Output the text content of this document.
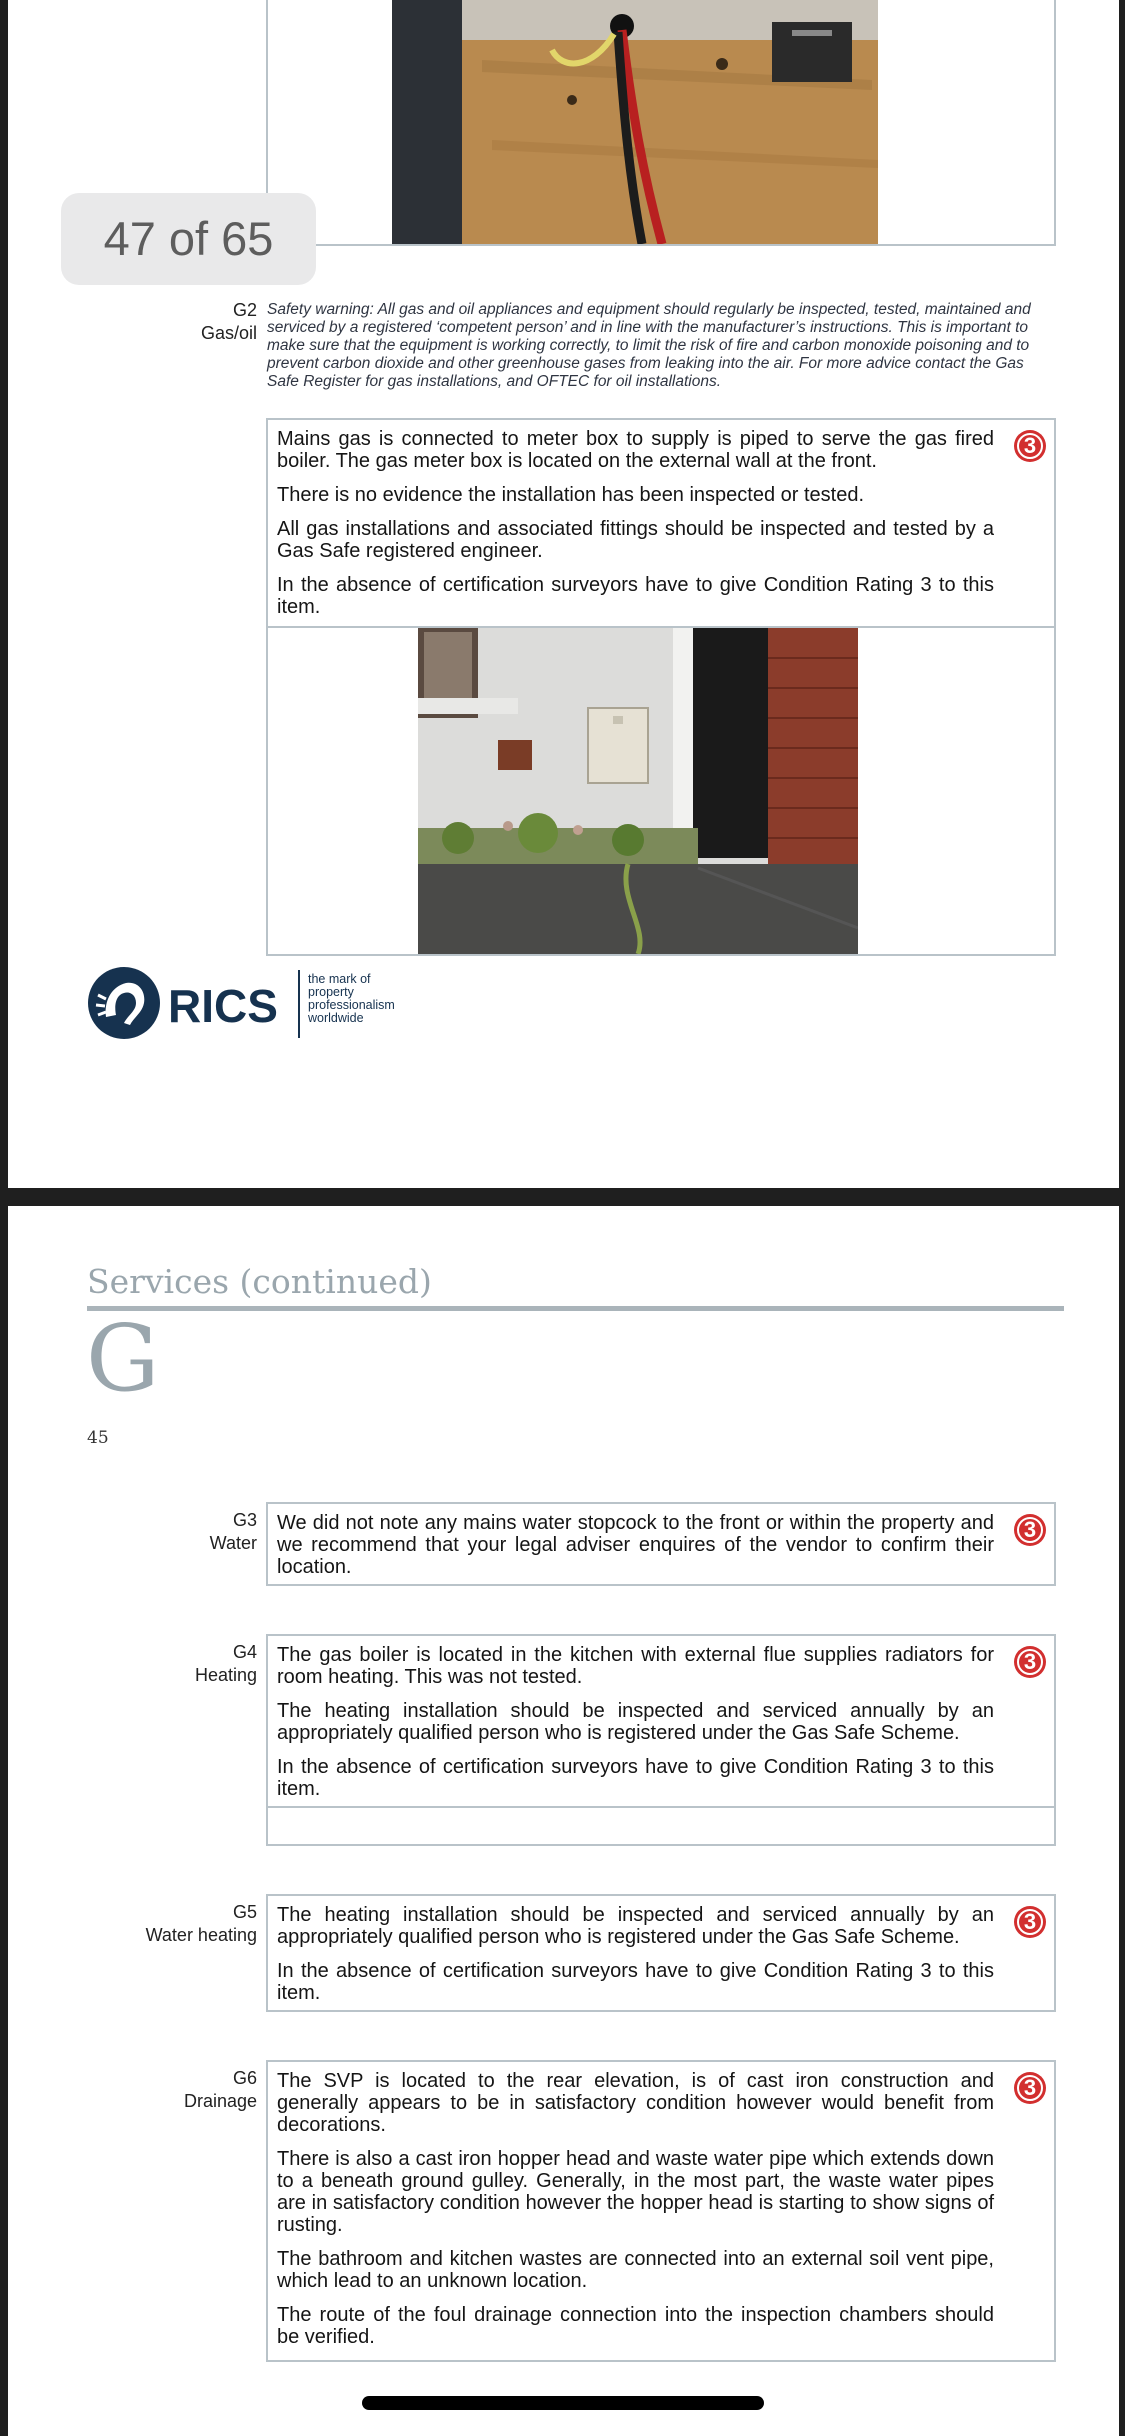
47 of 65
G2
Gas/oil
Safety warning: All gas and oil appliances and equipment should regularly be inspected, tested, maintained and serviced by a registered ‘competent person’ and in line with the manufacturer’s instructions. This is important to make sure that the equipment is working correctly, to limit the risk of fire and carbon monoxide poisoning and to prevent carbon dioxide and other greenhouse gases from leaking into the air. For more advice contact the Gas Safe Register for gas installations, and OFTEC for oil installations.

Mains gas is connected to meter box to supply is piped to serve the gas fired boiler. The gas meter box is located on the external wall at the front.

There is no evidence the installation has been inspected or tested.

All gas installations and associated fittings should be inspected and tested by a Gas Safe registered engineer.

In the absence of certification surveyors have to give Condition Rating 3 to this item.

3
RICS
the mark of
property
professionalism
worldwide
Services (continued)
G
45
G3
Water

We did not note any mains water stopcock to the front or within the property and we recommend that your legal adviser enquires of the vendor to confirm their location.

3
G4
Heating

The gas boiler is located in the kitchen with external flue supplies radiators for room heating. This was not tested.

The heating installation should be inspected and serviced annually by an appropriately qualified person who is registered under the Gas Safe Scheme.

In the absence of certification surveyors have to give Condition Rating 3 to this item.

3
G5
Water heating

The heating installation should be inspected and serviced annually by an appropriately qualified person who is registered under the Gas Safe Scheme.

In the absence of certification surveyors have to give Condition Rating 3 to this item.

3
G6
Drainage

The SVP is located to the rear elevation, is of cast iron construction and generally appears to be in satisfactory condition however would benefit from decorations.

There is also a cast iron hopper head and waste water pipe which extends down to a beneath ground gulley. Generally, in the most part, the waste water pipes are in satisfactory condition however the hopper head is starting to show signs of rusting.

The bathroom and kitchen wastes are connected into an external soil vent pipe, which lead to an unknown location.

The route of the foul drainage connection into the inspection chambers should be verified.

3
